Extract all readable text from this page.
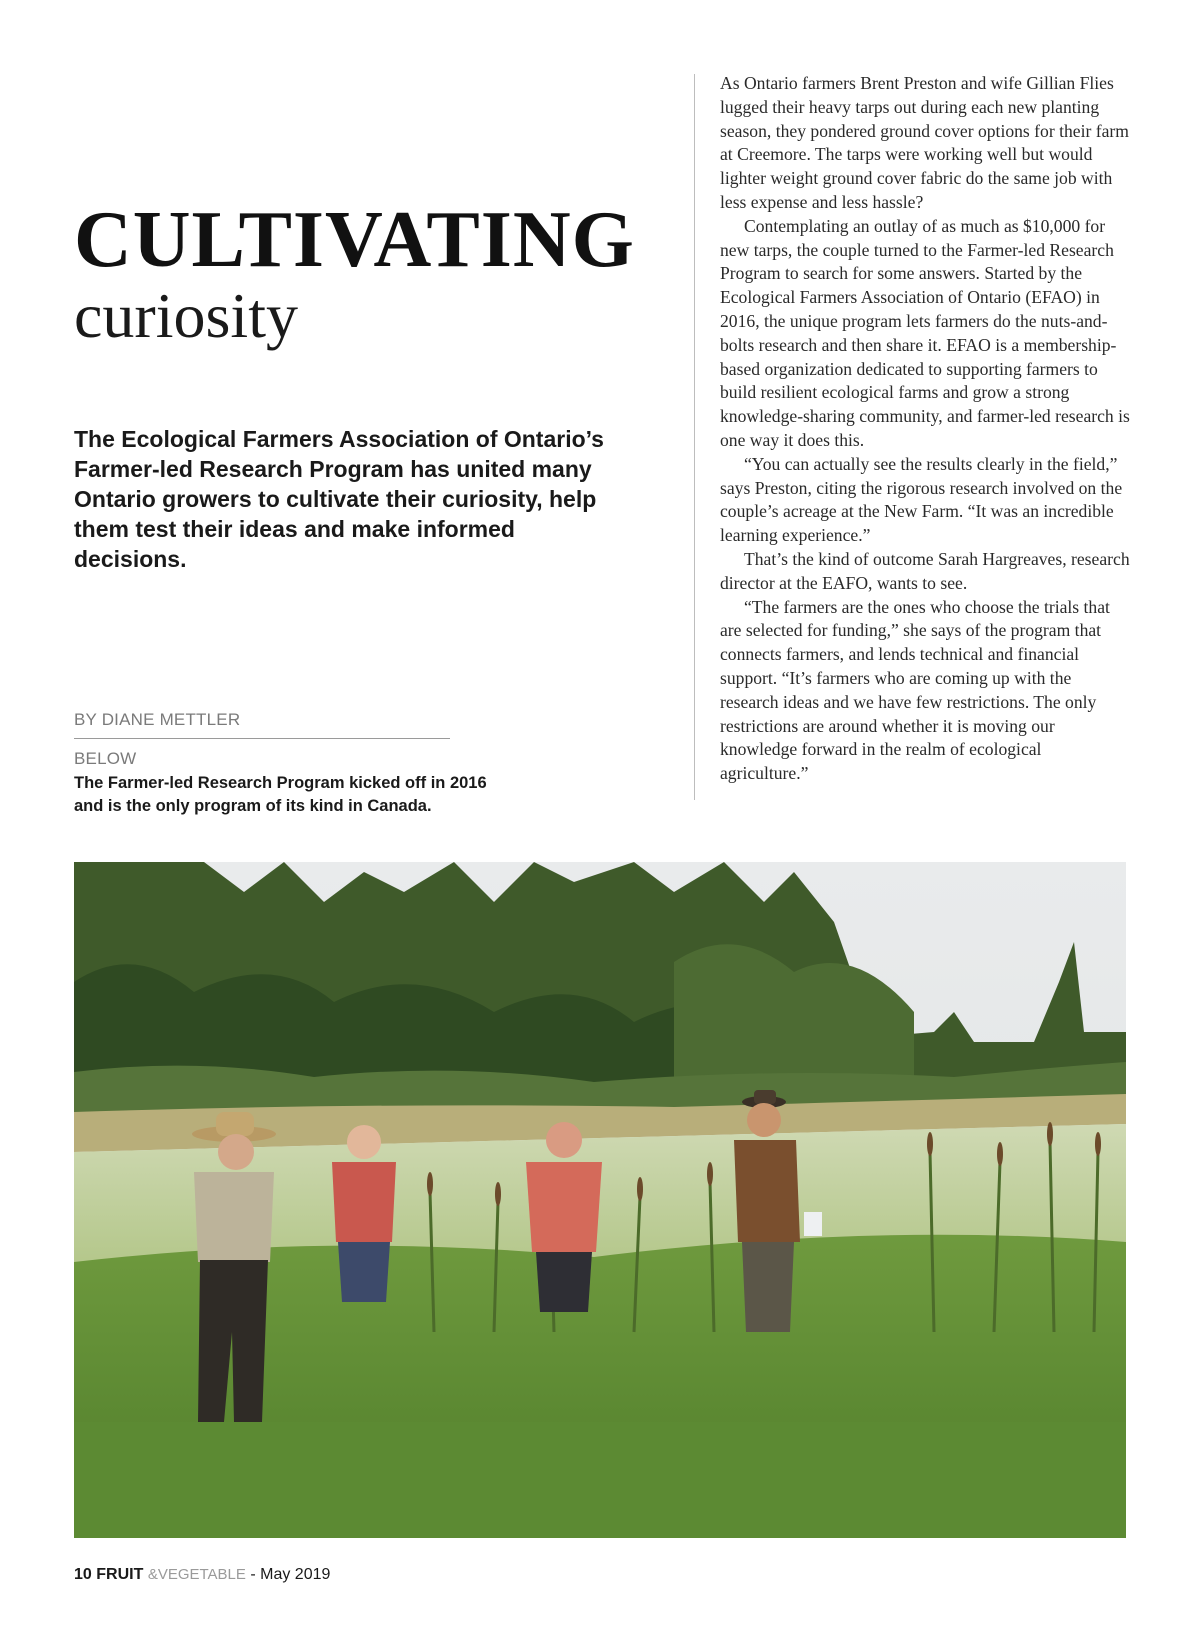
CULTIVATING
curiosity
The Ecological Farmers Association of Ontario’s Farmer-led Research Program has united many Ontario growers to cultivate their curiosity, help them test their ideas and make informed decisions.
BY DIANE METTLER
BELOW
The Farmer-led Research Program kicked off in 2016 and is the only program of its kind in Canada.

As Ontario farmers Brent Preston and wife Gillian Flies lugged their heavy tarps out during each new planting season, they pondered ground cover options for their farm at Creemore. The tarps were working well but would lighter weight ground cover fabric do the same job with less expense and less hassle?

Contemplating an outlay of as much as $10,000 for new tarps, the couple turned to the Farmer-led Research Program to search for some answers. Started by the Ecological Farmers Association of Ontario (EFAO) in 2016, the unique program lets farmers do the nuts-and-bolts research and then share it. EFAO is a membership-based organization dedicated to supporting farmers to build resilient ecological farms and grow a strong knowledge-sharing community, and farmer-led research is one way it does this.

“You can actually see the results clearly in the field,” says Preston, citing the rigorous research involved on the couple’s acreage at the New Farm. “It was an incredible learning experience.”

That’s the kind of outcome Sarah Hargreaves, research director at the EAFO, wants to see.

“The farmers are the ones who choose the trials that are selected for funding,” she says of the program that connects farmers, and lends technical and financial support. “It’s farmers who are coming up with the research ideas and we have few restrictions. The only restrictions are around whether it is moving our knowledge forward in the realm of ecological agriculture.”

10 FRUIT &VEGETABLE - May 2019
